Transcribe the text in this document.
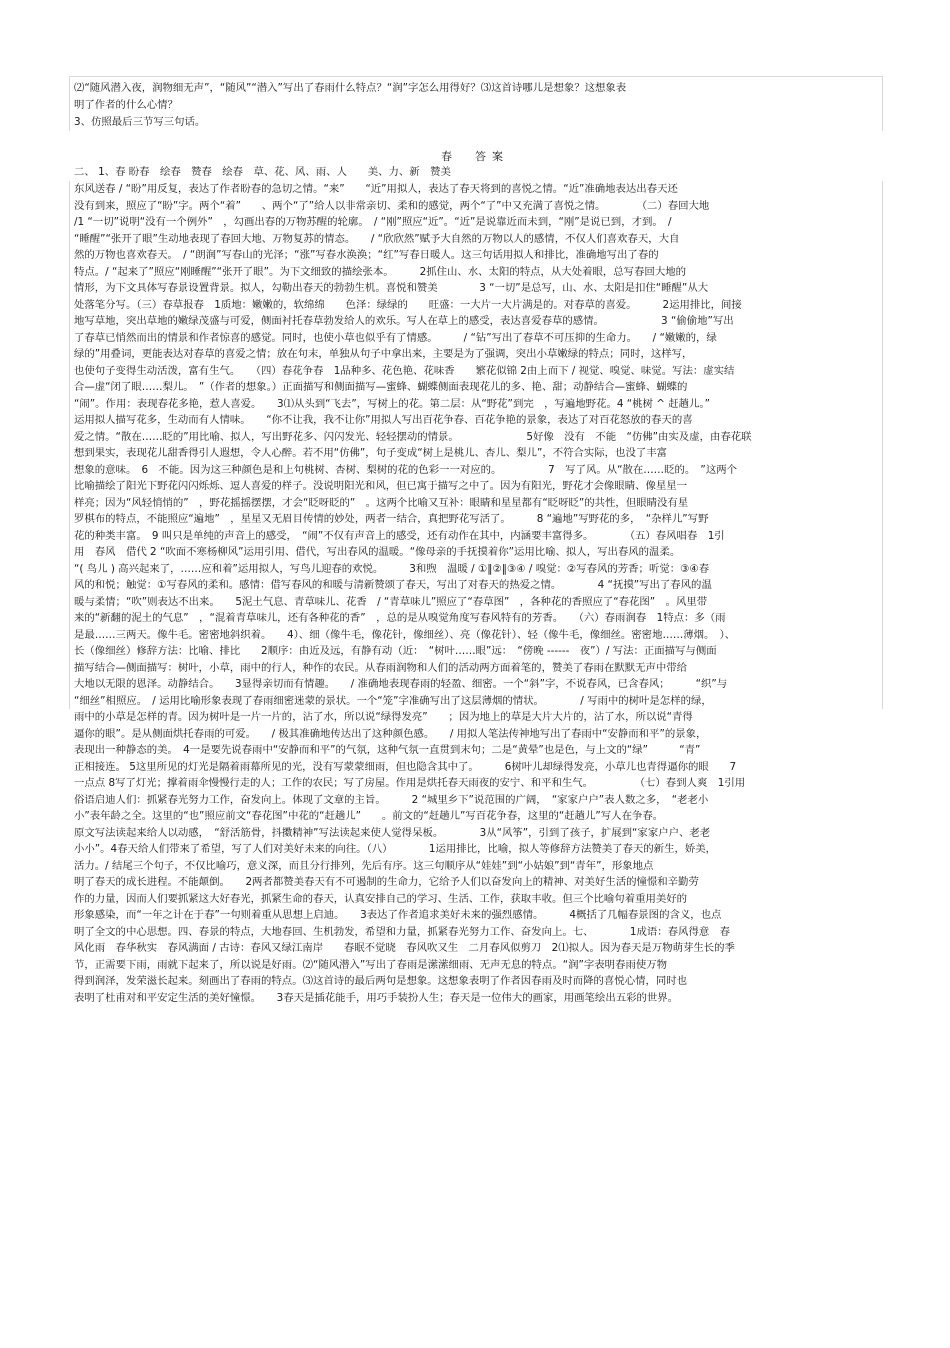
⑵“随风潜入夜，润物细无声”，“随风”“潜入”写出了春雨什么特点？“润”字怎么用得好？⑶这首诗哪儿是想象？这想象表
明了作者的什么心情？
3、仿照最后三节写三句话。
春　答案
二、 1、春 盼春　绘春　赞春　绘春　草、花、风、雨、人　　美、力、新　赞美
东风送春 / “盼”用反复，表达了作者盼春的急切之情。“来”　　“近”用拟人，表达了春天将到的喜悦之情。“近”准确地表达出春天还
没有到来，照应了“盼”字。两个“着”　　、两个“了”给人以非常亲切、柔和的感觉，两个“了”中又充满了喜悦之情。　　　　（二）春回大地
/1 “一切”说明“没有一个例外”　，勾画出春的万物苏醒的轮廓。　/ “刚”照应“近”。“近”是说靠近而未到，“刚”是说已到，才到。　/
“睡醒”“张开了眼”生动地表现了春回大地、万物复苏的情态。　　/ “欣欣然”赋予大自然的万物以人的感情，不仅人们喜欢春天，大自
然的万物也喜欢春天。　/ “朗润”写春山的光泽；“涨”写春水涣涣；“红”写春日暖人。这三句话用拟人和排比，准确地写出了春的
特点。/ “起来了”照应“刚睡醒”“张开了眼”。为下文细致的描绘张本。　　　2抓住山、水、太阳的特点，从大处着眼，总写春回大地的
情形，为下文具体写春景设置背景。拟人，勾勒出春天的勃勃生机。喜悦和赞美　　　　3 “一切”是总写，山、水、太阳是扣住“睡醒”从大
处落笔分写。（三）春草报春　1质地：嫩嫩的，软绵绵　　色泽：绿绿的　　旺盛：一大片一大片满是的。对春草的喜爱。　　　2运用排比，间接
地写草地，突出草地的嫩绿茂盛与可爱，侧面衬托春草勃发给人的欢乐。写人在草上的感受，表达喜爱春草的感情。　　　　　　3 “偷偷地”写出
了春草已悄然而出的情景和作者惊喜的感觉。同时，也使小草也似乎有了情感。　　　/ “钻”写出了春草不可压抑的生命力。　　/ “嫩嫩的，绿
绿的”用叠词，更能表达对春草的喜爱之情；放在句末，单独从句子中拿出来，主要是为了强调，突出小草嫩绿的特点；同时，这样写，
也使句子变得生动活泼，富有生气。　　（四）春花争春　1品种多、花色艳、花味香　　繁花似锦 2由上而下 / 视觉、嗅觉、味觉。写法：虚实结
合—虚“闭了眼……梨儿。　”（作者的想象。）正面描写和侧面描写—蜜蜂、蝴蝶侧面表现花儿的多、艳、甜；动静结合—蜜蜂、蝴蝶的
“闹”。作用：表现春花多艳，惹人喜爱。　　3⑴从头到“飞去”，写树上的花。第二层：从“野花”到完　，写遍地野花。4 “桃树 ^ 赶趟儿。”
运用拟人描写花多，生动而有人情味。　　“你不让我，我不让你”用拟人写出百花争春、百花争艳的景象，表达了对百花怒放的春天的喜
爱之情。“散在……眨的”用比喻、拟人，写出野花多、闪闪发光、轻轻摆动的情景。　　　　　　　5好像　没有　不能　“仿佛”由实及虚，由春花联
想到果实，表现花儿甜香得引人遐想，令人心醉。若不用“仿佛”，句子变成“树上是桃儿、杏儿、梨儿”，不符合实际，也没了丰富
想象的意味。　6　不能。因为这三种颜色是和上句桃树、杏树、梨树的花的色彩一一对应的。　　　　　7　写了风。从“散在……眨的。　”这两个
比喻描绘了阳光下野花闪闪烁烁、逗人喜爱的样子。没说明阳光和风，但已寓于描写之中了。因为有阳光，野花才会像眼睛、像星星一
样亮；因为“风轻悄悄的”　，野花摇摇摆摆，才会“眨呀眨的”　。这两个比喻又互补：眼睛和星星都有“眨呀眨”的共性，但眼睛没有星
罗棋布的特点，不能照应“遍地”　，星星又无眉目传情的妙处，两者一结合，真把野花写活了。　　　8 “遍地”写野花的多，　“杂样儿”写野
花的种类丰富。　9 叫只是单纯的声音上的感受，　“闹”不仅有声音上的感受，还有动作在其中，内涵要丰富得多。　　　　（五）春风唱春　1引
用　春风　借代 2 “吹面不寒杨柳风”运用引用、借代，写出春风的温暖。“像母亲的手抚摸着你”运用比喻、拟人，写出春风的温柔。
“( 鸟儿 ) 高兴起来了，……应和着”运用拟人，写鸟儿迎春的欢悦。　　　3和煦　温暖 / ①‖②‖③④ / 嗅觉：②写春风的芳香；听觉：③④春
风的和悦；触觉：①写春风的柔和。感情：借写春风的和暖与清新赞颂了春天，写出了对春天的热爱之情。　　　　4 “抚摸”写出了春风的温
暖与柔情；“吹”则表达不出来。　　5泥土气息、青草味儿、花香　/ “青草味儿”照应了“春草图”　，各种花的香照应了“春花图”　。风里带
来的“新翻的泥土的气息”　，“混着青草味儿，还有各种花的香”　，总的是从嗅觉角度写春风特有的芳香。　　（六）春雨润春　1特点：多（雨
是最……三两天。像牛毛。密密地斜织着。　　4）、细（像牛毛，像花针，像细丝）、亮（像花针）、轻（像牛毛，像细丝。密密地……薄烟。　）、
长（像细丝）修辞方法：比喻、排比　　2顺序：由近及远，有静有动（近：　“树叶……眼”远：　“傍晚 ------　夜”）/ 写法：正面描写与侧面
描写结合—侧面描写：树叶，小草，雨中的行人，种作的农民。从春雨润物和人们的活动两方面着笔的，赞美了春雨在默默无声中带给
大地以无限的恩泽。动静结合。　　3显得亲切而有情趣。　　/ 准确地表现春雨的轻盈、细密。一个“斜”字，不说春风，已含春风；　　　“织”与
“细丝”相照应。　/ 运用比喻形象表现了春雨细密迷蒙的景状。一个“笼”字准确写出了这层薄烟的情状。　　　　/ 写雨中的树叶是怎样的绿，
雨中的小草是怎样的青。因为树叶是一片一片的，沾了水，所以说“绿得发亮”　　；因为地上的草是大片大片的，沾了水，所以说“青得
逼你的眼”。是从侧面烘托春雨的可爱。　　/ 极其准确地传达出了这种颜色感。　　/ 用拟人笔法传神地写出了春雨中“安静而和平”的景象，
表现出一种静态的美。　4一是要先说春雨中“安静而和平”的气氛，这种气氛一直贯到末句；二是“黄晕”也是色，与上文的“绿”　　　“青”
正相接连。 5这里所见的灯光是隔着雨幕所见的光，没有写蒙蒙细雨，但也隐含其中了。　　　6树叶儿却绿得发亮，小草儿也青得逼你的眼　　7
一点点 8写了灯光；撑着雨伞慢慢行走的人；工作的农民；写了房屋。作用是烘托春天雨夜的安宁、和平和生气。　　　　　（七）春到人爽　1引用
俗语启迪人们：抓紧春光努力工作，奋发向上。体现了文章的主旨。　　　2 “城里乡下”说范围的广阔，　“家家户户”表人数之多，　“老老小
小”表年龄之全。这里的“也”照应前文“春花图”中花的“赶趟儿”　　。前文的“赶趟儿”写百花争春，这里的“赶趟儿”写人在争春。
原文写法读起来给人以动感，　“舒活筋骨，抖擞精神”写法读起来使人觉得呆板。　　　　3从“风筝”，引到了孩子，扩展到“家家户户、老老
小小”。4春天给人们带来了希望，写了人们对美好未来的向往。（八）　　　　1运用排比，比喻，拟人等修辞方法赞美了春天的新生，娇美，
活力。/ 结尾三个句子，不仅比喻巧，意义深，而且分行排列，先后有序。这三句顺序从“娃娃”到“小姑娘”到“青年”，形象地点
明了春天的成长进程。不能颠倒。　　2两者都赞美春天有不可遏制的生命力，它给予人们以奋发向上的精神、对美好生活的憧憬和辛勤劳
作的力量，因而人们要抓紧这大好春光，抓紧生命的春天，认真安排自己的学习、生活、工作，获取丰收。但三个比喻句着重用美好的
形象感染，而“一年之计在于春”一句则着重从思想上启迪。　　3表达了作者追求美好未来的强烈感情。　　　4概括了几幅春景图的含义，也点
明了全文的中心思想。四、春景的特点，大地春回、生机勃发，希望和力量，抓紧春光努力工作、奋发向上。七、　　　　1成语：春风得意　春
风化雨　春华秋实　春风满面 / 古诗：春风又绿江南岸　　春眠不觉晓　春风吹又生　二月春风似剪刀　2⑴拟人。因为春天是万物萌芽生长的季
节，正需要下雨，雨就下起来了，所以说是好雨。⑵“随风潜入”写出了春雨是潆潆细雨、无声无息的特点。“润”字表明春雨使万物
得到润泽，发荣滋长起来。刻画出了春雨的特点。⑶这首诗的最后两句是想象。这想象表明了作者因春雨及时而降的喜悦心情，同时也
表明了杜甫对和平安定生活的美好憧憬。　　3春天是插花能手，用巧手装扮人生；春天是一位伟大的画家，用画笔绘出五彩的世界。
